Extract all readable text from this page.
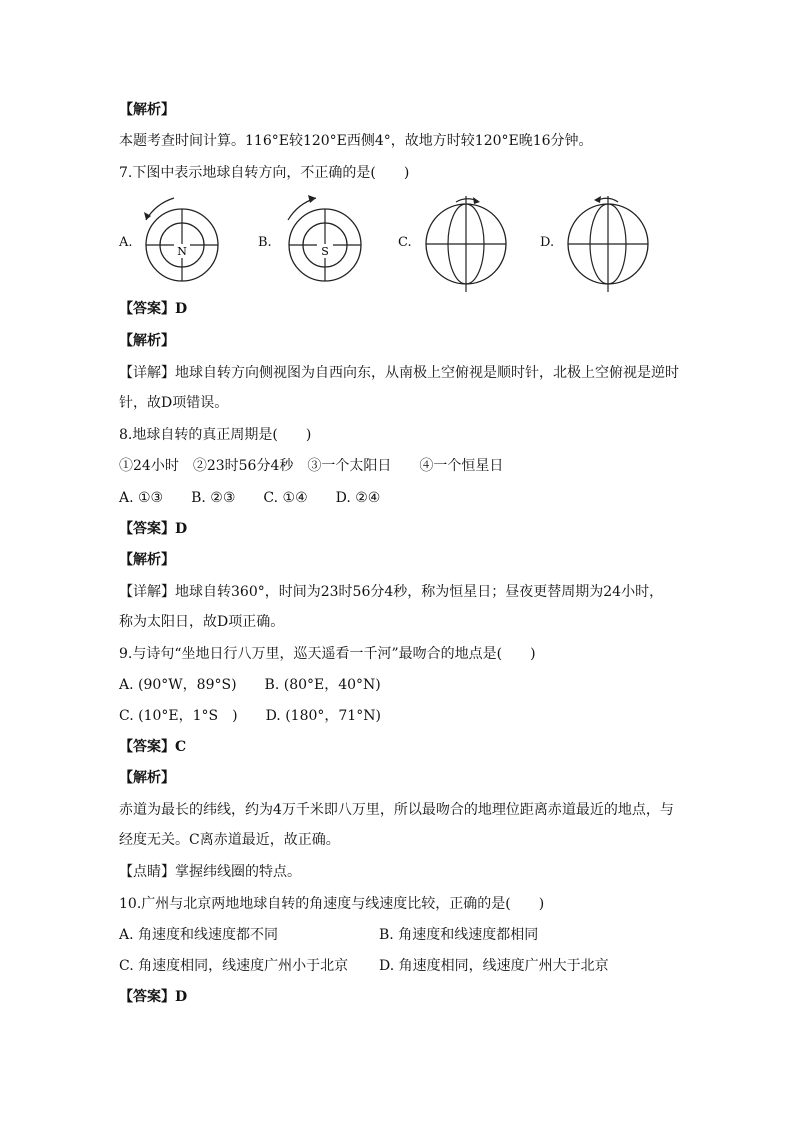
【解析】
本题考查时间计算。116°E较120°E西侧4°，故地方时较120°E晚16分钟。
7.下图中表示地球自转方向，不正确的是(　　)
A.
N
B.
S
C.	D.
【答案】D
【解析】
【详解】地球自转方向侧视图为自西向东，从南极上空俯视是顺时针，北极上空俯视是逆时
针，故D项错误。
8.地球自转的真正周期是(　　)
①24小时　②23时56分4秒　③一个太阳日　　④一个恒星日
A. ①③　　B. ②③　　C. ①④　　D. ②④
【答案】D
【解析】
【详解】地球自转360°，时间为23时56分4秒，称为恒星日；昼夜更替周期为24小时，
称为太阳日，故D项正确。
9.与诗句“坐地日行八万里，巡天遥看一千河”最吻合的地点是(　　)
A. (90°W，89°S)　　B. (80°E，40°N)
C. (10°E，1°S　)　　D. (180°，71°N)
【答案】C
【解析】
赤道为最长的纬线，约为4万千米即八万里，所以最吻合的地理位距离赤道最近的地点，与
经度无关。C离赤道最近，故正确。
【点睛】掌握纬线圈的特点。
10.广州与北京两地地球自转的角速度与线速度比较，正确的是(　　)
A. 角速度和线速度都不同	B. 角速度和线速度都相同
C. 角速度相同，线速度广州小于北京 D. 角速度相同，线速度广州大于北京
【答案】D
